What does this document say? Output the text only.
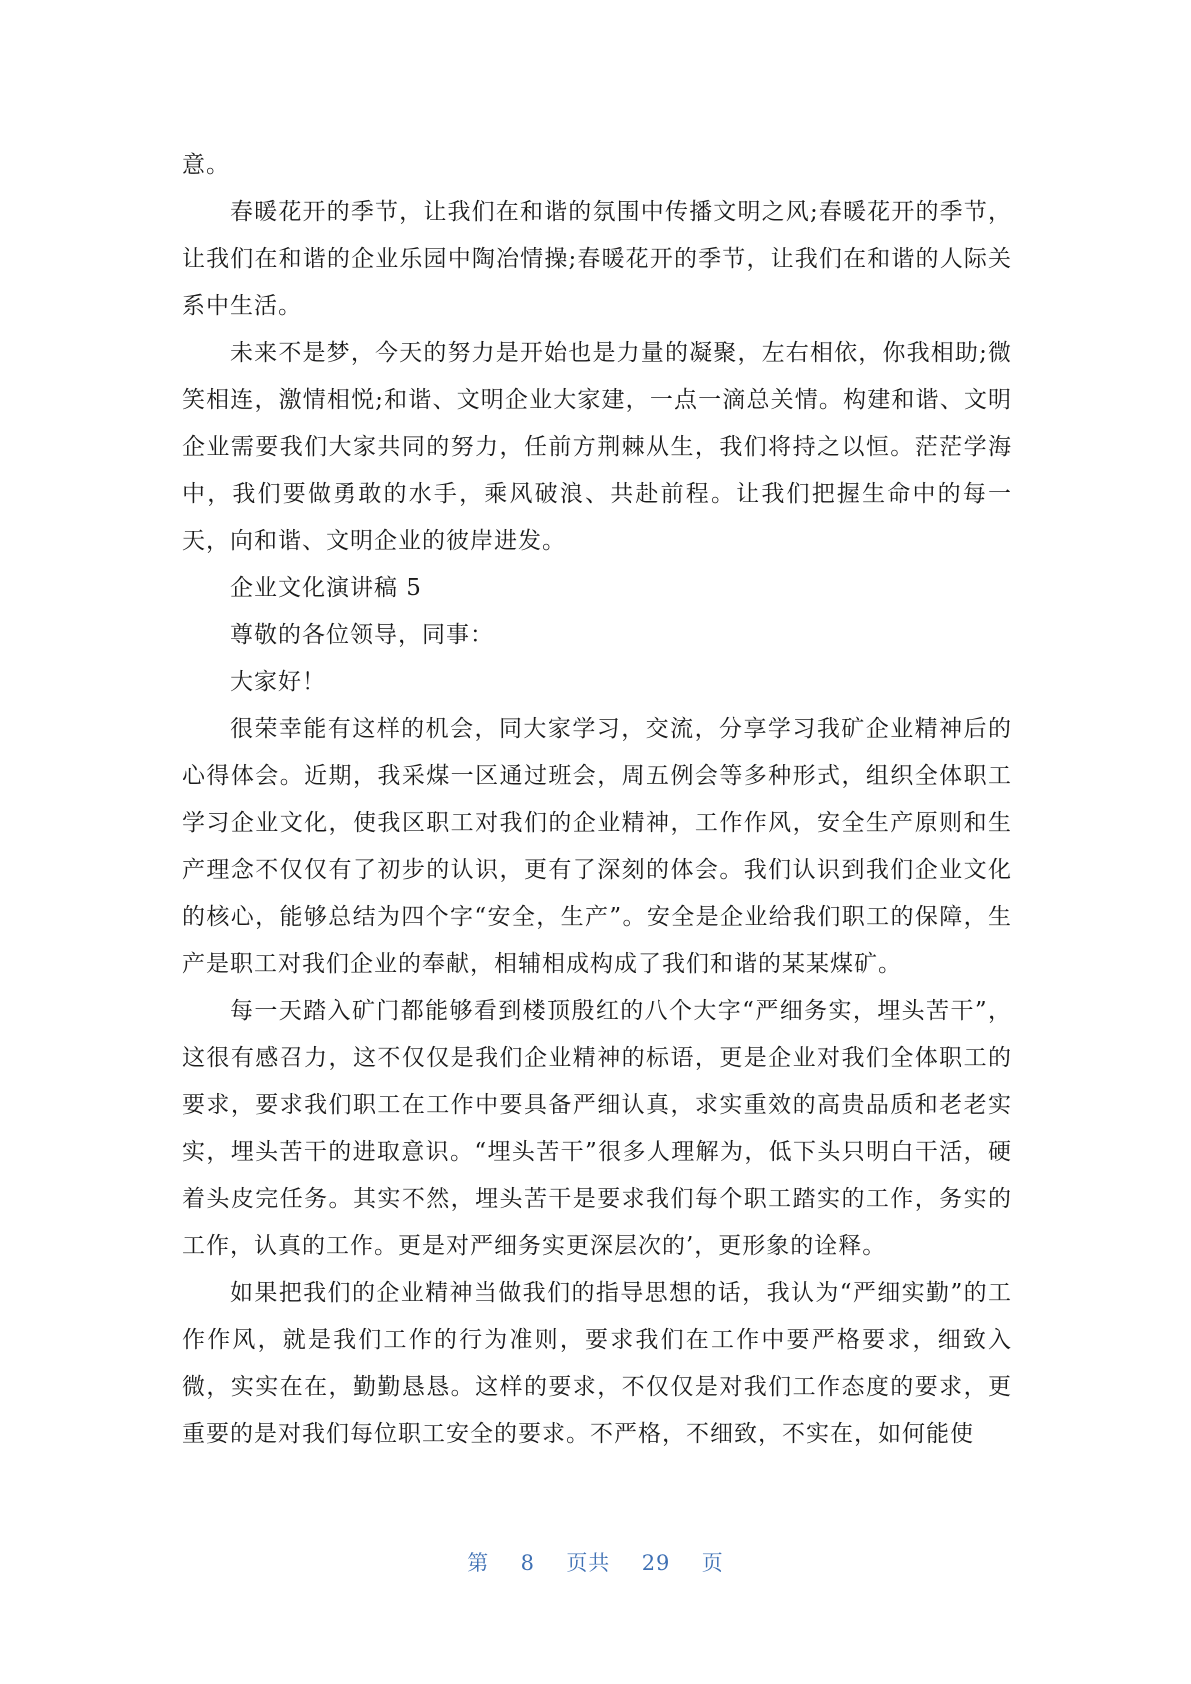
意。

春暖花开的季节，让我们在和谐的氛围中传播文明之风;春暖花开的季节，让我们在和谐的企业乐园中陶冶情操;春暖花开的季节，让我们在和谐的人际关系中生活。

未来不是梦，今天的努力是开始也是力量的凝聚，左右相依，你我相助;微笑相连，激情相悦;和谐、文明企业大家建，一点一滴总关情。构建和谐、文明企业需要我们大家共同的努力，任前方荆棘从生，我们将持之以恒。茫茫学海中，我们要做勇敢的水手，乘风破浪、共赴前程。让我们把握生命中的每一天，向和谐、文明企业的彼岸进发。

企业文化演讲稿 5

尊敬的各位领导，同事：

大家好！

很荣幸能有这样的机会，同大家学习，交流，分享学习我矿企业精神后的心得体会。近期，我采煤一区通过班会，周五例会等多种形式，组织全体职工学习企业文化，使我区职工对我们的企业精神，工作作风，安全生产原则和生产理念不仅仅有了初步的认识，更有了深刻的体会。我们认识到我们企业文化的核心，能够总结为四个字“安全，生产”。安全是企业给我们职工的保障，生产是职工对我们企业的奉献，相辅相成构成了我们和谐的某某煤矿。

每一天踏入矿门都能够看到楼顶殷红的八个大字“严细务实，埋头苦干”，这很有感召力，这不仅仅是我们企业精神的标语，更是企业对我们全体职工的要求，要求我们职工在工作中要具备严细认真，求实重效的高贵品质和老老实实，埋头苦干的进取意识。“埋头苦干”很多人理解为，低下头只明白干活，硬着头皮完任务。其实不然，埋头苦干是要求我们每个职工踏实的工作，务实的工作，认真的工作。更是对严细务实更深层次的’，更形象的诠释。

如果把我们的企业精神当做我们的指导思想的话，我认为“严细实勤”的工作作风，就是我们工作的行为准则，要求我们在工作中要严格要求，细致入微，实实在在，勤勤恳恳。这样的要求，不仅仅是对我们工作态度的要求，更重要的是对我们每位职工安全的要求。不严格，不细致，不实在，如何能使

第 8 页共 29 页
